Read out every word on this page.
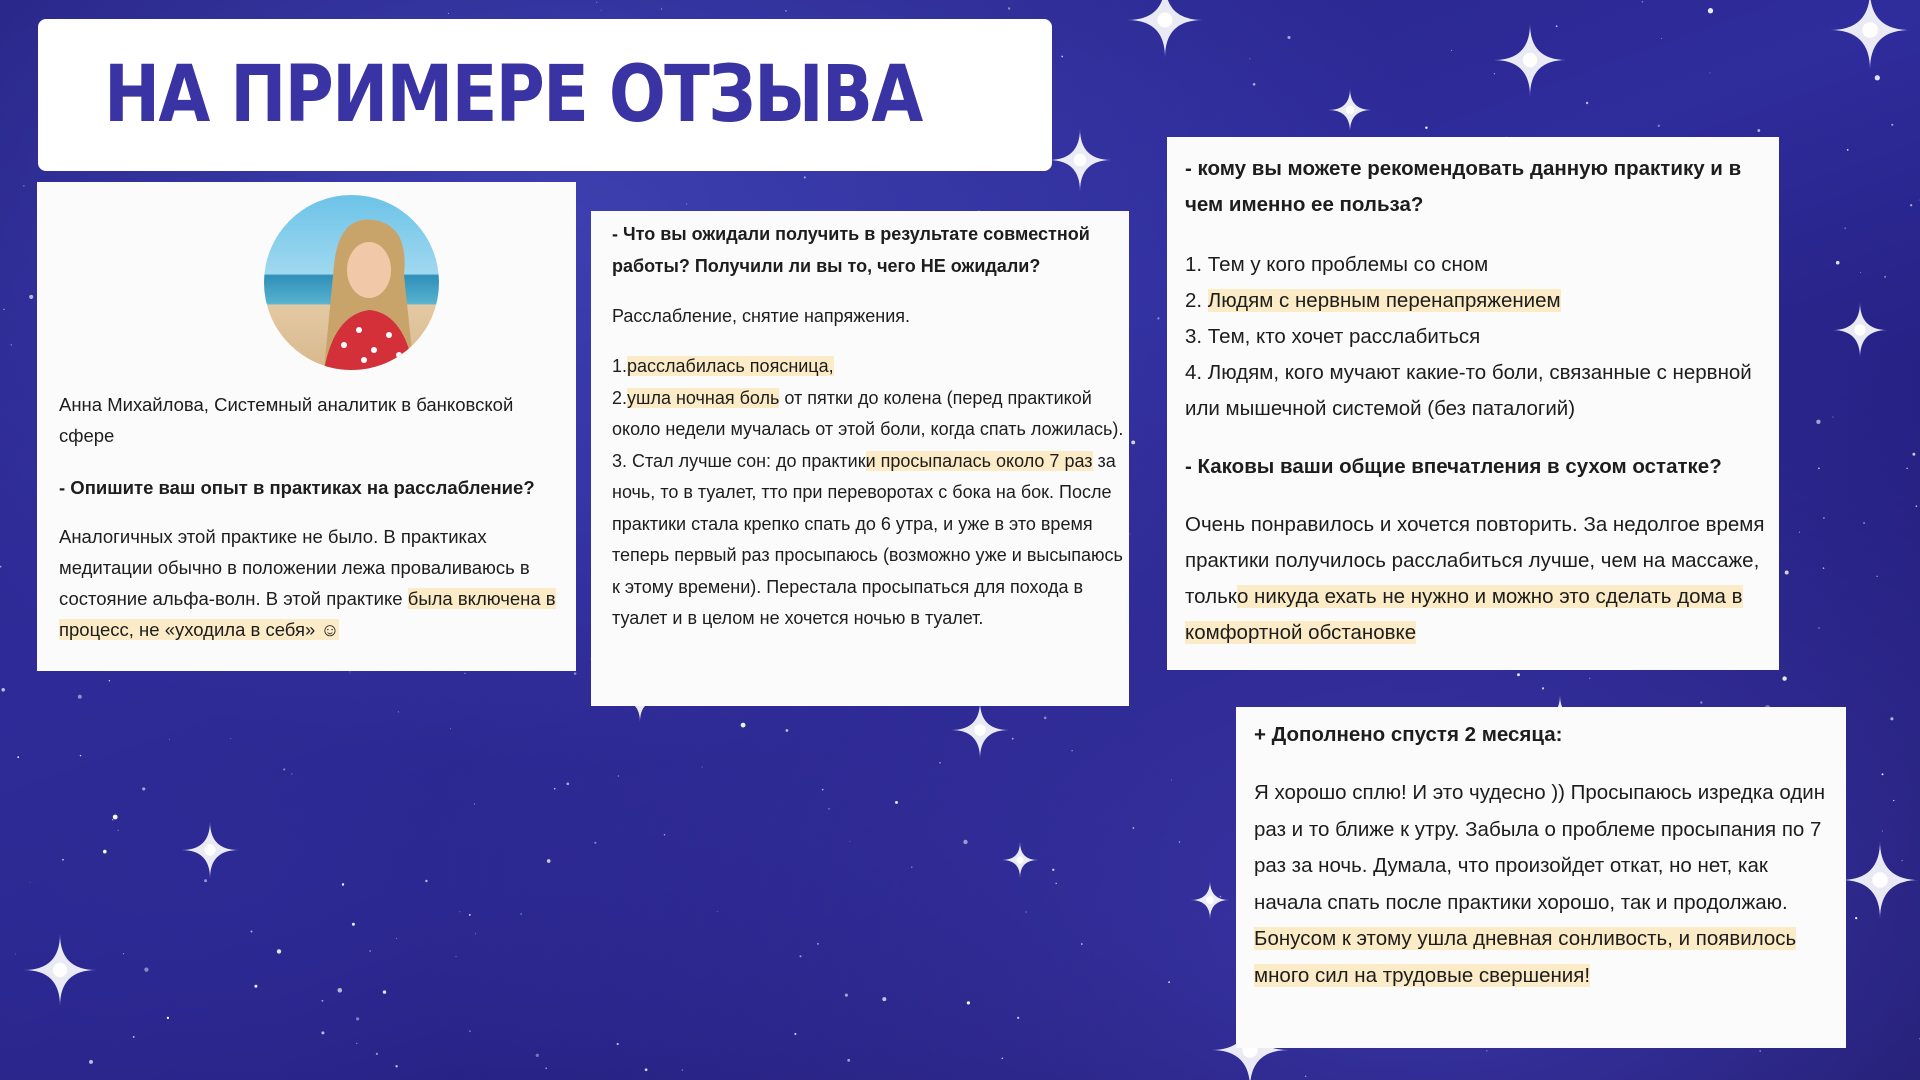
НА ПРИМЕРЕ ОТЗЫВА
Анна Михайлова, Системный аналитик в банковской сфере
- Опишите ваш опыт в практиках на расслабление?
Аналогичных этой практике не было. В практиках медитации обычно в положении лежа проваливаюсь в состояние альфа-волн. В этой практике была включена в процесс, не «уходила в себя» ☺
- Что вы ожидали получить в результате совместной работы? Получили ли вы то, чего НЕ ожидали?
Расслабление, снятие напряжения.
1.расслабилась поясница,
2.ушла ночная боль от пятки до колена (перед практикой около недели мучалась от этой боли, когда спать ложилась).
3. Стал лучше сон: до практики просыпалась около 7 раз за ночь, то в туалет, тто при переворотах с бока на бок. После практики стала крепко спать до 6 утра, и уже в это время теперь первый раз просыпаюсь (возможно уже и высыпаюсь к этому времени). Перестала просыпаться для похода в туалет и в целом не хочется ночью в туалет.
- кому вы можете рекомендовать данную практику и в чем именно ее польза?
1. Тем у кого проблемы со сном
2. Людям с нервным перенапряжением
3. Тем, кто хочет расслабиться
4. Людям, кого мучают какие-то боли, связанные с нервной или мышечной системой (без паталогий)
- Каковы ваши общие впечатления в сухом остатке?
Очень понравилось и хочется повторить. За недолгое время практики получилось расслабиться лучше, чем на массаже, только никуда ехать не нужно и можно это сделать дома в комфортной обстановке
+ Дополнено спустя 2 месяца:
Я хорошо сплю! И это чудесно )) Просыпаюсь изредка один раз и то ближе к утру. Забыла о проблеме просыпания по 7 раз за ночь. Думала, что произойдет откат, но нет, как начала спать после практики хорошо, так и продолжаю. Бонусом к этому ушла дневная сонливость, и появилось много сил на трудовые свершения!
